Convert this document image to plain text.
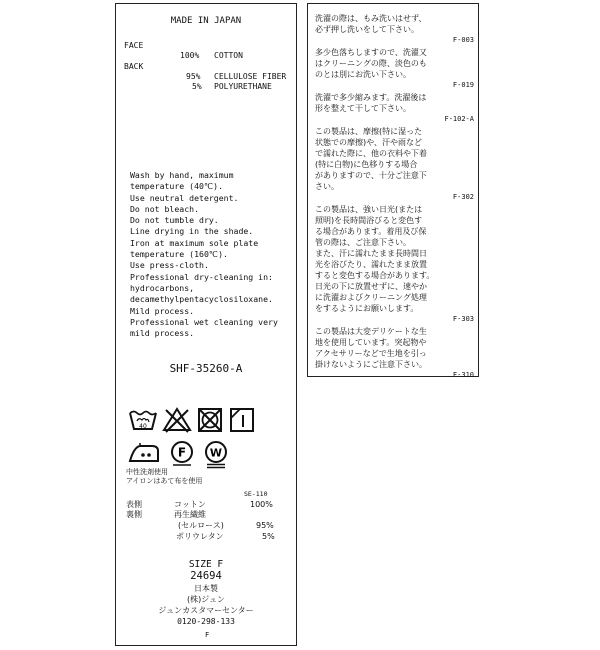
MADE IN JAPAN
FACE
100% COTTON
BACK
95% CELLULOSE FIBER
5% POLYURETHANE
Wash by hand, maximum
temperature (40℃).
Use neutral detergent.
Do not bleach.
Do not tumble dry.
Line drying in the shade.
Iron at maximum sole plate
temperature (160℃).
Use press-cloth.
Professional dry-cleaning in:
hydrocarbons,
decamethylpentacyclosiloxane.
Mild process.
Professional wet cleaning very
mild process.
SHF-35260-A
40
F W
中性洗剤使用
アイロンはあて布を使用
SE-110
表側
裏側
コットン	100%
再生繊維
(セルロース)	95%
ポリウレタン	5%
SIZE F
24694
日本製
(株)ジュン
ジュンカスタマーセンター
0120-298-133
F
洗濯の際は、もみ洗いはせず、
必ず押し洗いをして下さい。
F-003
多少色落ちしますので、洗濯又
はクリーニングの際、淡色のも
のとは別にお洗い下さい。
F-019
洗濯で多少縮みます。洗濯後は
形を整えて干して下さい。
F-102-A
この製品は、摩擦(特に湿った
状態での摩擦)や、汗や雨など
で濡れた際に、他の衣料や下着
(特に白物)に色移りする場合
がありますので、十分ご注意下
さい。
F-302
この製品は、強い日光(または
照明)を長時間浴びると変色す
る場合があります。着用及び保
管の際は、ご注意下さい。
また、汗に濡れたまま長時間日
光を浴びたり、濡れたまま放置
すると変色する場合があります。
日光の下に放置せずに、速やか
に洗濯およびクリーニング処理
をするようにお願いします。
F-303
この製品は大変デリケートな生
地を使用しています。突起物や
アクセサリーなどで生地を引っ
掛けないようにご注意下さい。
F-310
